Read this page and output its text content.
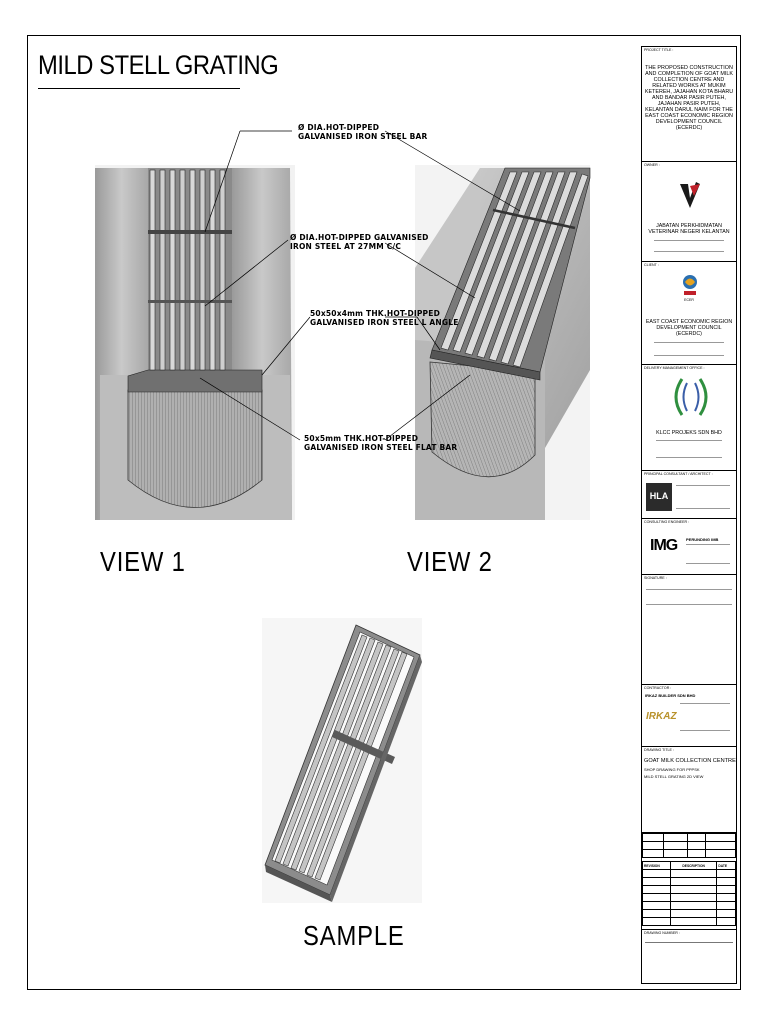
MILD STELL GRATING
Ø DIA.HOT-DIPPED
GALVANISED IRON STEEL BAR
Ø DIA.HOT-DIPPED GALVANISED
IRON STEEL AT 27MM C/C
50x50x4mm THK.HOT-DIPPED
GALVANISED IRON STEEL L ANGLE
50x5mm THK.HOT-DIPPED
GALVANISED IRON STEEL FLAT BAR
VIEW 1	VIEW 2
SAMPLE
PROJECT TITLE :
THE PROPOSED CONSTRUCTION AND COMPLETION OF GOAT MILK COLLECTION CENTRE AND RELATED WORKS AT MUKIM KETEREH, JAJAHAN KOTA BHARU AND BANDAR PASIR PUTEH, JAJAHAN PASIR PUTEH, KELANTAN DARUL NAIM FOR THE EAST COAST ECONOMIC REGION DEVELOPMENT COUNCIL (ECERDC)
OWNER :
JABATAN PERKHIDMATAN VETERINAR NEGERI KELANTAN
CLIENT :
ECER
EAST COAST ECONOMIC REGION DEVELOPMENT COUNCIL (ECERDC)
DELIVERY MANAGEMENT OFFICE :
KLCC PROJEKS SDN BHD
PRINCIPAL CONSULTANT / ARCHITECT :
HLA
CONSULTING ENGINEER :
IMG PERUNDING IMB
SIGNATURE :
CONTRACTOR :
IRKAZ BUILDER SDN BHD
IRKAZ
DRAWING TITLE :
GOAT MILK COLLECTION CENTRE
SHOP DRAWING FOR PPPSK
MILD STELL GRATING 2D VIEW

REVISION	DESCRIPTION	DATE

DRAWING NUMBER :
